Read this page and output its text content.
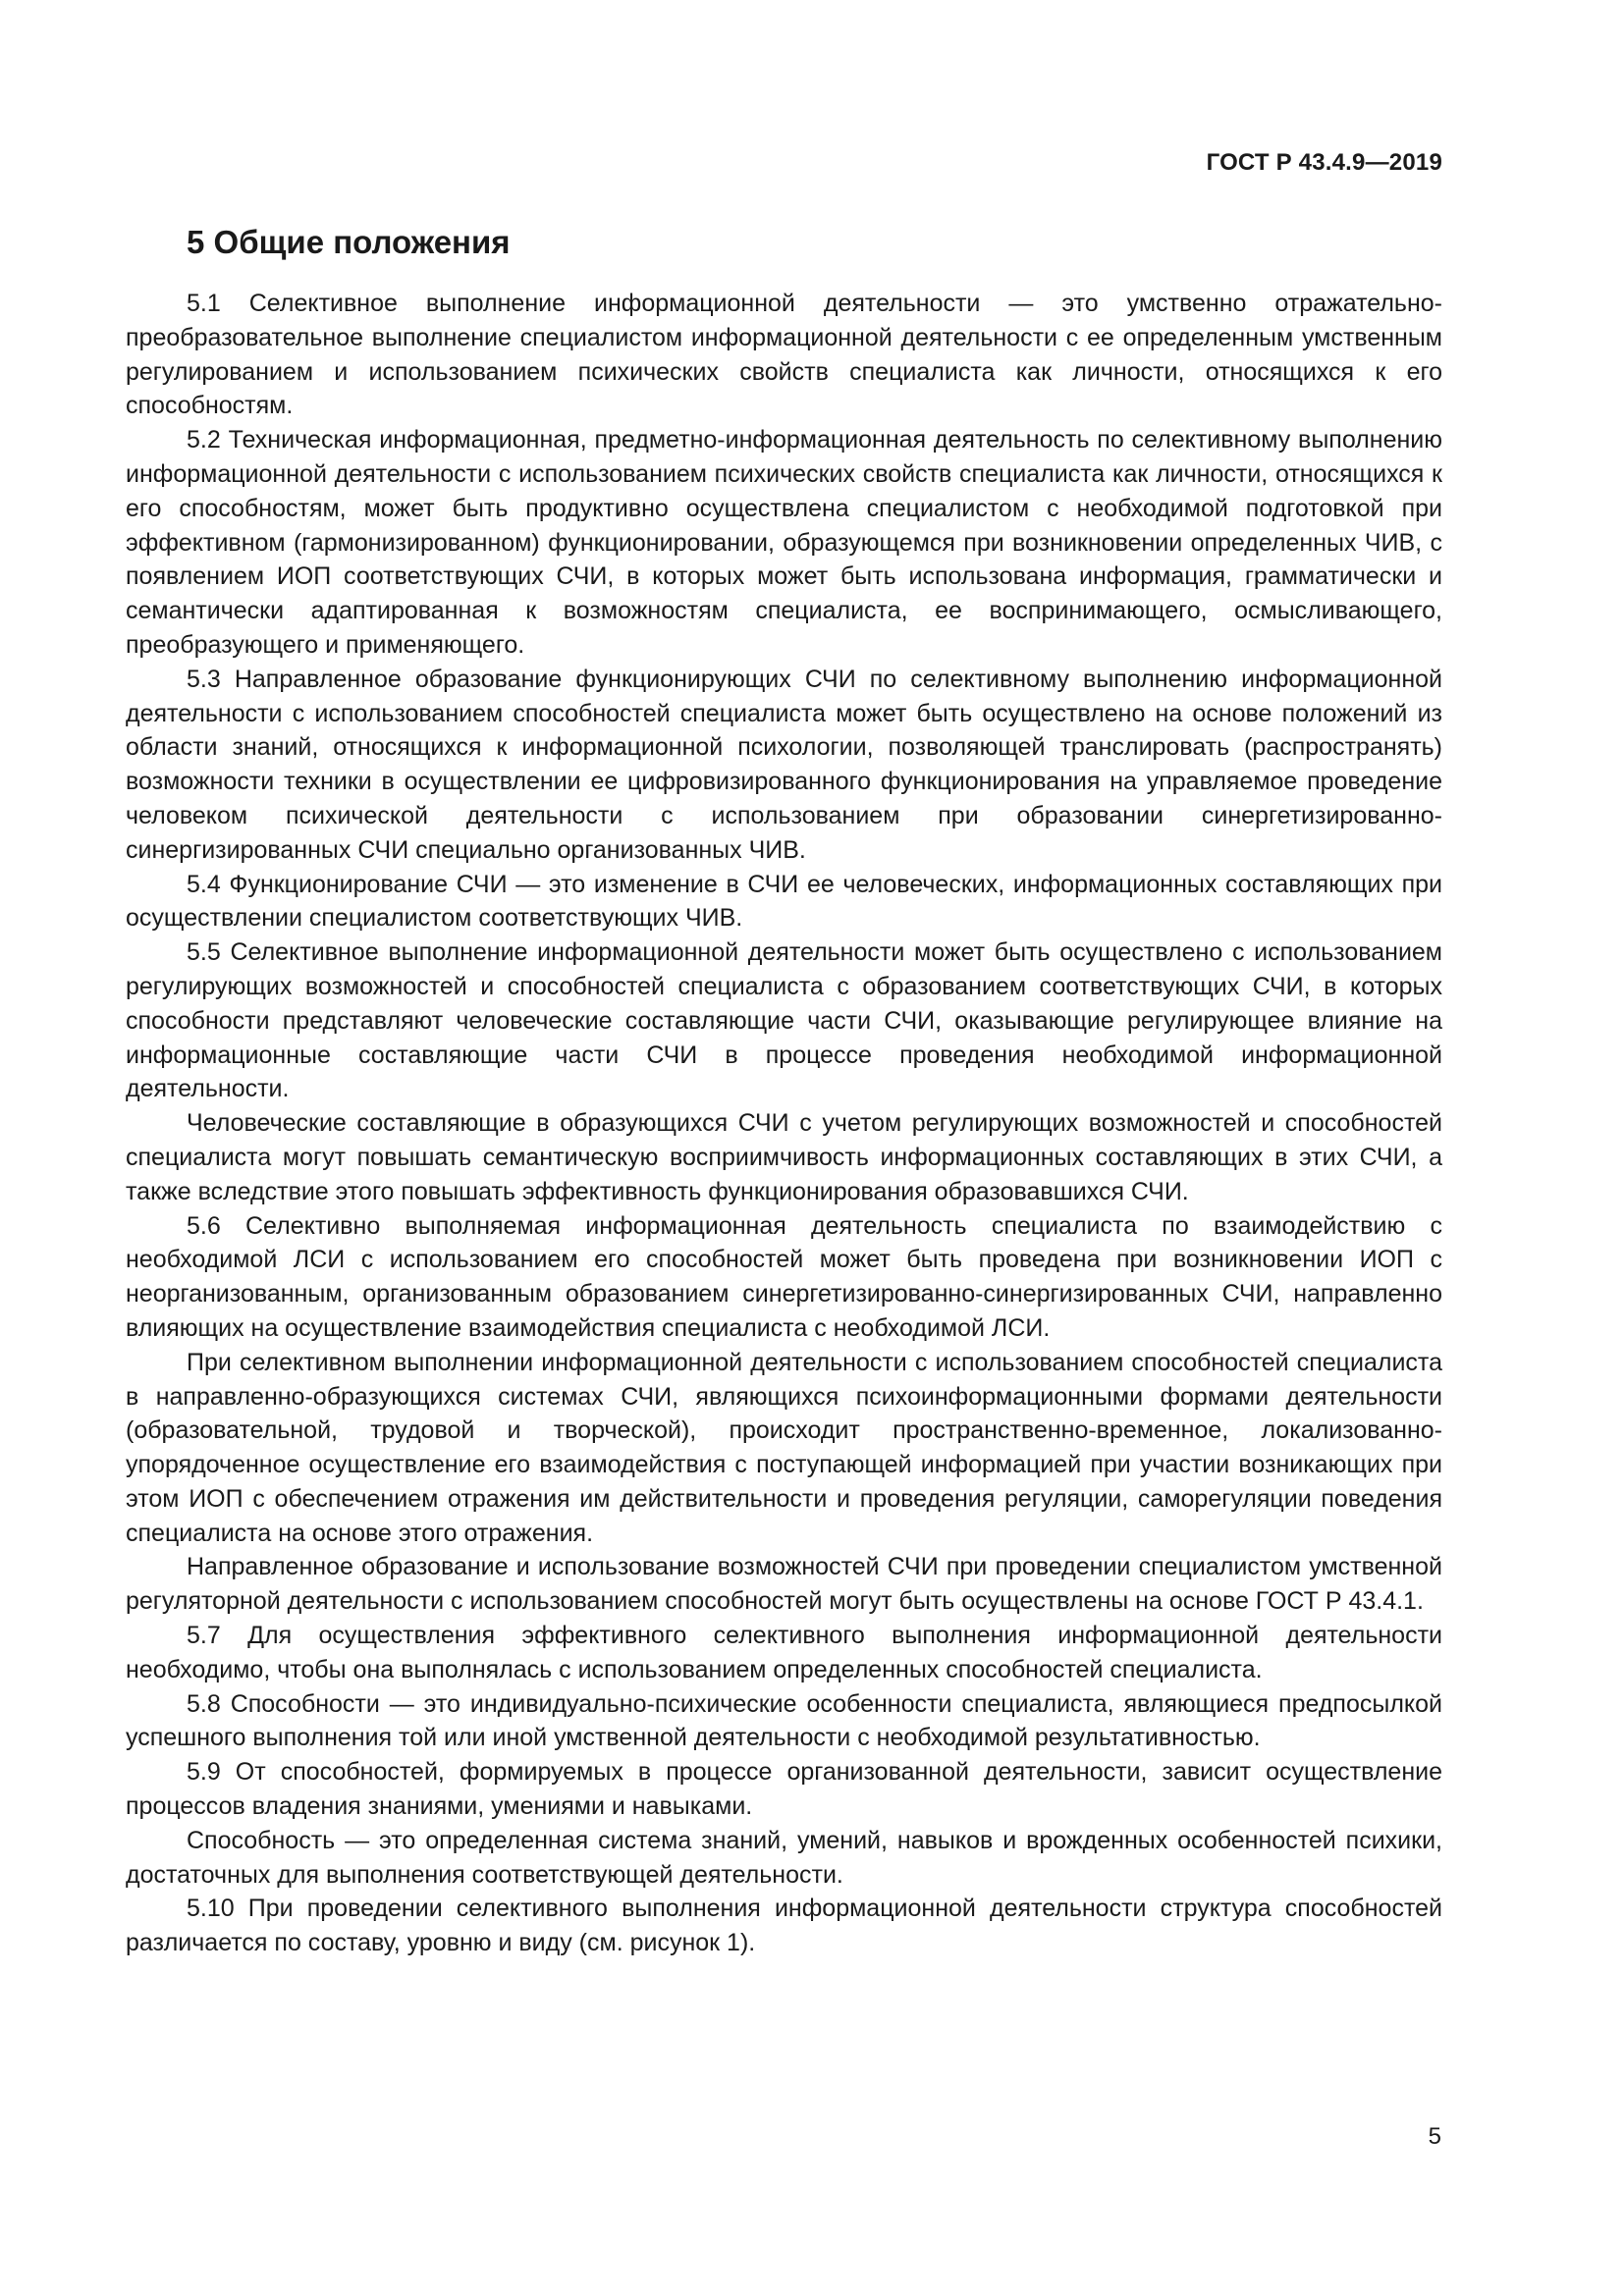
ГОСТ Р 43.4.9—2019
5 Общие положения

5.1 Селективное выполнение информационной деятельности — это умственно отражательно-преобразовательное выполнение специалистом информационной деятельности с ее определенным умственным регулированием и использованием психических свойств специалиста как личности, относящихся к его способностям.

5.2 Техническая информационная, предметно-информационная деятельность по селективному выполнению информационной деятельности с использованием психических свойств специалиста как личности, относящихся к его способностям, может быть продуктивно осуществлена специалистом с необходимой подготовкой при эффективном (гармонизированном) функционировании, образующемся при возникновении определенных ЧИВ, с появлением ИОП соответствующих СЧИ, в которых может быть использована информация, грамматически и семантически адаптированная к возможностям специалиста, ее воспринимающего, осмысливающего, преобразующего и применяющего.

5.3 Направленное образование функционирующих СЧИ по селективному выполнению информационной деятельности с использованием способностей специалиста может быть осуществлено на основе положений из области знаний, относящихся к информационной психологии, позволяющей транслировать (распространять) возможности техники в осуществлении ее цифровизированного функционирования на управляемое проведение человеком психической деятельности с использованием при образовании синергетизированно-синергизированных СЧИ специально организованных ЧИВ.

5.4 Функционирование СЧИ — это изменение в СЧИ ее человеческих, информационных составляющих при осуществлении специалистом соответствующих ЧИВ.

5.5 Селективное выполнение информационной деятельности может быть осуществлено с использованием регулирующих возможностей и способностей специалиста с образованием соответствующих СЧИ, в которых способности представляют человеческие составляющие части СЧИ, оказывающие регулирующее влияние на информационные составляющие части СЧИ в процессе проведения необходимой информационной деятельности.

Человеческие составляющие в образующихся СЧИ с учетом регулирующих возможностей и способностей специалиста могут повышать семантическую восприимчивость информационных составляющих в этих СЧИ, а также вследствие этого повышать эффективность функционирования образовавшихся СЧИ.

5.6 Селективно выполняемая информационная деятельность специалиста по взаимодействию с необходимой ЛСИ с использованием его способностей может быть проведена при возникновении ИОП с неорганизованным, организованным образованием синергетизированно-синергизированных СЧИ, направленно влияющих на осуществление взаимодействия специалиста с необходимой ЛСИ.

При селективном выполнении информационной деятельности с использованием способностей специалиста в направленно-образующихся системах СЧИ, являющихся психоинформационными формами деятельности (образовательной, трудовой и творческой), происходит пространственно-временное, локализованно-упорядоченное осуществление его взаимодействия с поступающей информацией при участии возникающих при этом ИОП с обеспечением отражения им действительности и проведения регуляции, саморегуляции поведения специалиста на основе этого отражения.

Направленное образование и использование возможностей СЧИ при проведении специалистом умственной регуляторной деятельности с использованием способностей могут быть осуществлены на основе ГОСТ Р 43.4.1.

5.7 Для осуществления эффективного селективного выполнения информационной деятельности необходимо, чтобы она выполнялась с использованием определенных способностей специалиста.

5.8 Способности — это индивидуально-психические особенности специалиста, являющиеся предпосылкой успешного выполнения той или иной умственной деятельности с необходимой результативностью.

5.9 От способностей, формируемых в процессе организованной деятельности, зависит осуществление процессов владения знаниями, умениями и навыками.

Способность — это определенная система знаний, умений, навыков и врожденных особенностей психики, достаточных для выполнения соответствующей деятельности.

5.10 При проведении селективного выполнения информационной деятельности структура способностей различается по составу, уровню и виду (см. рисунок 1).

5
